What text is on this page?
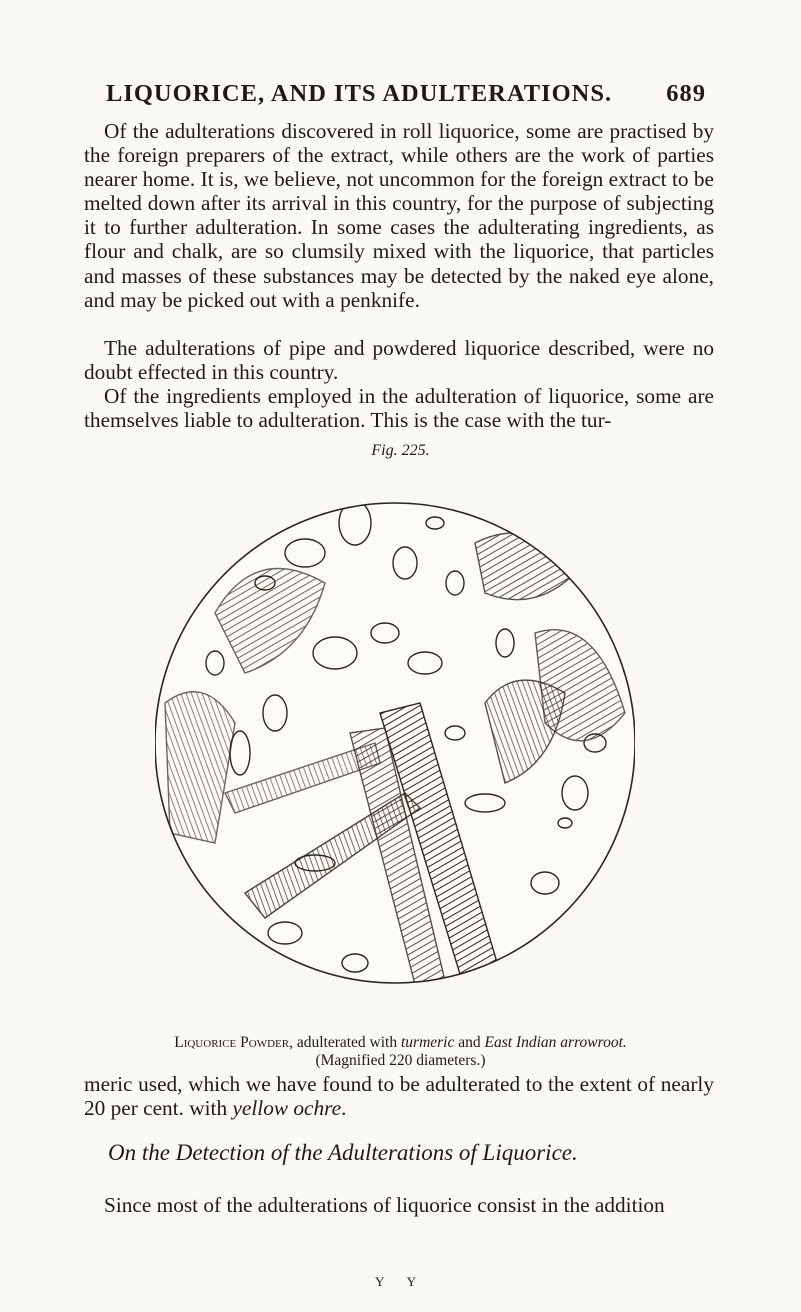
LIQUORICE, AND ITS ADULTERATIONS. 689

Of the adulterations discovered in roll liquorice, some are practised by the foreign preparers of the extract, while others are the work of parties nearer home. It is, we believe, not uncommon for the foreign extract to be melted down after its arrival in this country, for the purpose of subjecting it to further adulteration. In some cases the adulterating ingredients, as flour and chalk, are so clumsily mixed with the liquorice, that particles and masses of these substances may be detected by the naked eye alone, and may be picked out with a penknife.

The adulterations of pipe and powdered liquorice described, were no doubt effected in this country.

Of the ingredients employed in the adulteration of liquorice, some are themselves liable to adulteration. This is the case with the tur-

Fig. 225.
Liquorice Powder, adulterated with turmeric and East Indian arrowroot.
(Magnified 220 diameters.)

meric used, which we have found to be adulterated to the extent of nearly 20 per cent. with yellow ochre.

On the Detection of the Adulterations of Liquorice.

Since most of the adulterations of liquorice consist in the addition

Y Y
